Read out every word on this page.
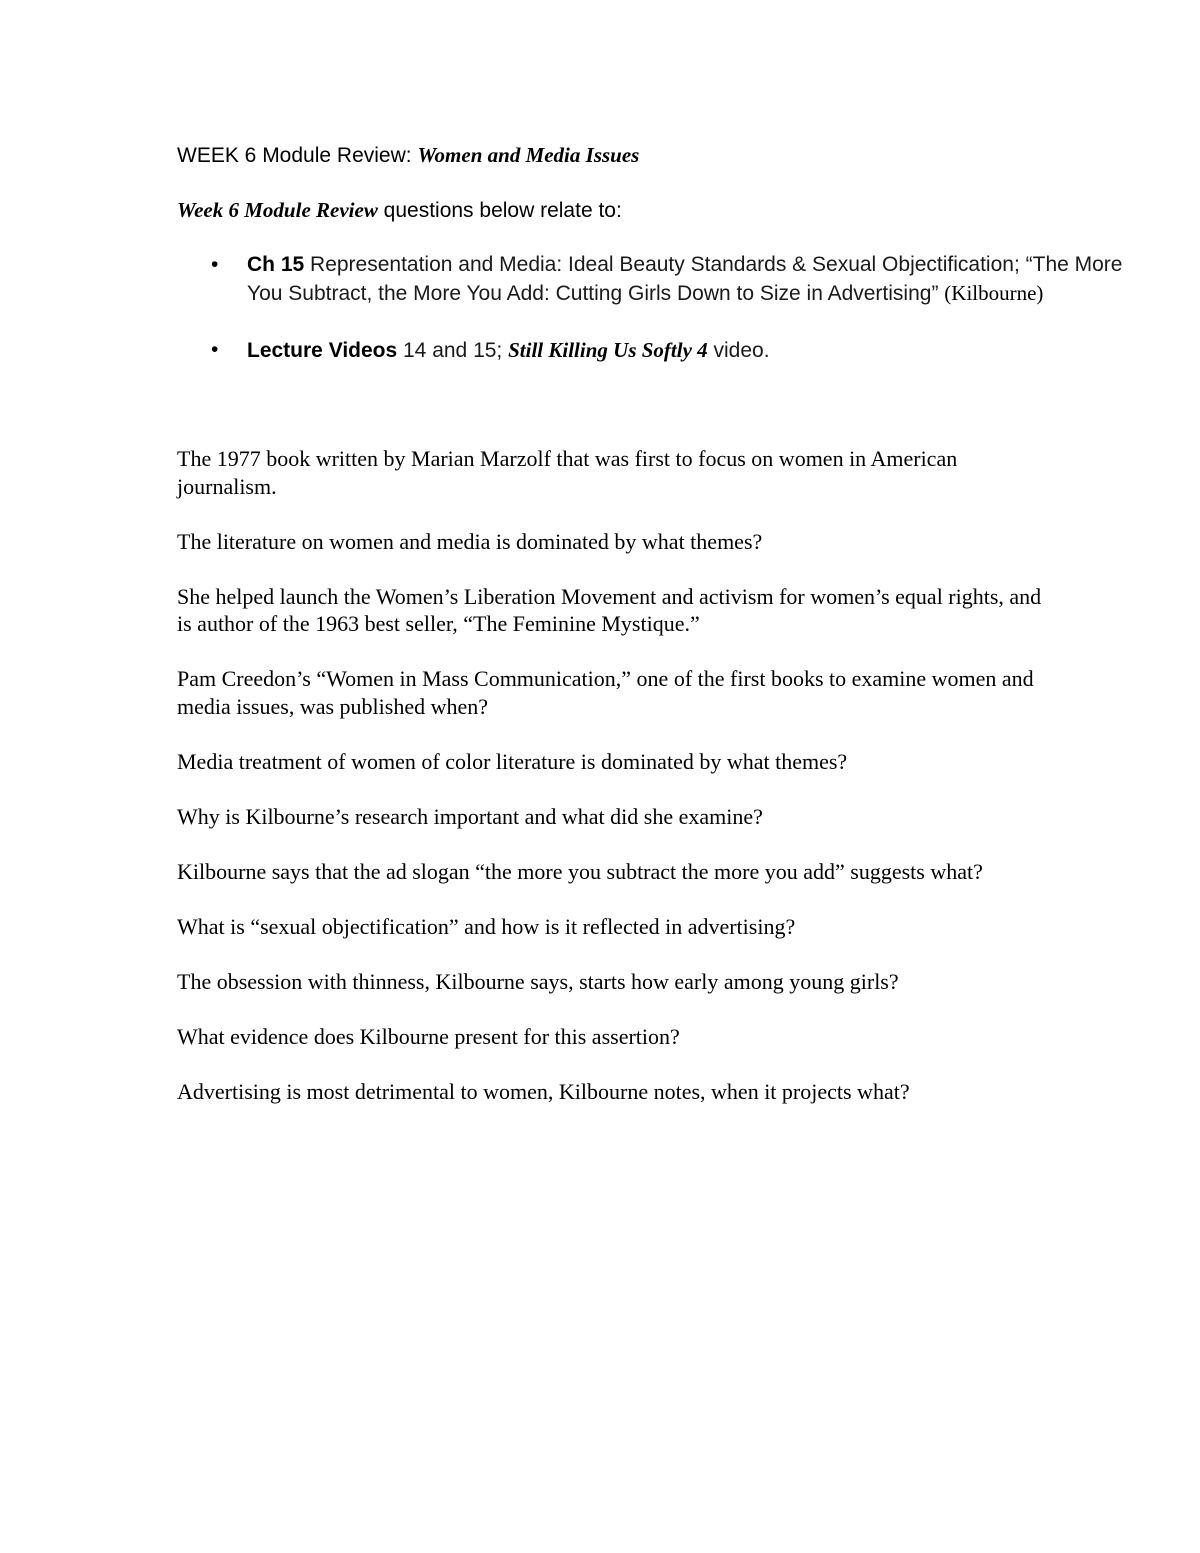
WEEK 6 Module Review: Women and Media Issues
Week 6 Module Review questions below relate to:
• Ch 15 Representation and Media: Ideal Beauty Standards & Sexual Objectification; “The More You Subtract, the More You Add: Cutting Girls Down to Size in Advertising” (Kilbourne)
• Lecture Videos 14 and 15; Still Killing Us Softly 4 video.

The 1977 book written by Marian Marzolf that was first to focus on women in American journalism.

The literature on women and media is dominated by what themes?

She helped launch the Women’s Liberation Movement and activism for women’s equal rights, and is author of the 1963 best seller, “The Feminine Mystique.”

Pam Creedon’s “Women in Mass Communication,” one of the first books to examine women and media issues, was published when?

Media treatment of women of color literature is dominated by what themes?

Why is Kilbourne’s research important and what did she examine?

Kilbourne says that the ad slogan “the more you subtract the more you add” suggests what?

What is “sexual objectification” and how is it reflected in advertising?

The obsession with thinness, Kilbourne says, starts how early among young girls?

What evidence does Kilbourne present for this assertion?

Advertising is most detrimental to women, Kilbourne notes, when it projects what?
